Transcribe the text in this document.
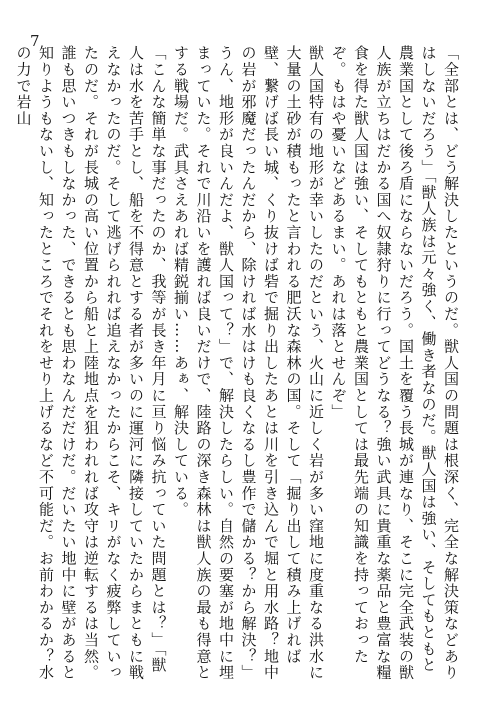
7
「全部とは、どう解決したというのだ。獣人国の問題は根深く、完全な解決策などありはしないだろう」「獣人族は元々強く、働き者なのだ。獣人国は強い、そしてもともと農業国として後ろ盾にならないだろう。国土を覆う長城が連なり、そこに完全武装の獣人族が立ちはだかる国へ奴隷狩りに行ってどうなる？強い武具に貴重な薬品と豊富な糧食を得た獣人国は強い、そしてもともと農業国としては最先端の知識を持っておったぞ。もはや憂いなどあるまい。あれは落とせんぞ」
獣人国特有の地形が幸いしたのだという、火山に近しく岩が多い窪地に度重なる洪水に大量の土砂が積もったと言われる肥沃な森林の国。そして「掘り出して積み上げれば壁、繋げば長い城、くり抜けば砦で掘り出したあとは川を引き込んで堀と用水路？地中の岩が邪魔だったんだから、除ければ水はけも良くなるし豊作で儲かる？から解決？」うん、地形が良いんだよ、獣人国って？」で、解決したらしい。自然の要塞が地中に埋まっていた。それで川沿いを護れば良いだけで、陸路の深き森林は獣人族の最も得意とする戦場だ。武具さえあれば精鋭揃い……あぁ、解決している。
「こんな簡単な事だったのか、我等が長き年月に亘り悩み抗っていた問題とは？」「獣人は水を苦手とし、船を不得意とする者が多いのに運河に隣接していたからまともに戦えなかったのだ。そして逃げられれば追えなかったからこそ、キリがなく疲弊していったのだ。それが長城の高い位置から船と上陸地点を狙われれば攻守は逆転するは当然。誰も思いつきもしなかった、できるとも思わなんだだけだ。だいたい地中に壁があると知りようもないし、知ったところでそれをせり上げるなど不可能だ。お前わかるか？水の力で岩山
